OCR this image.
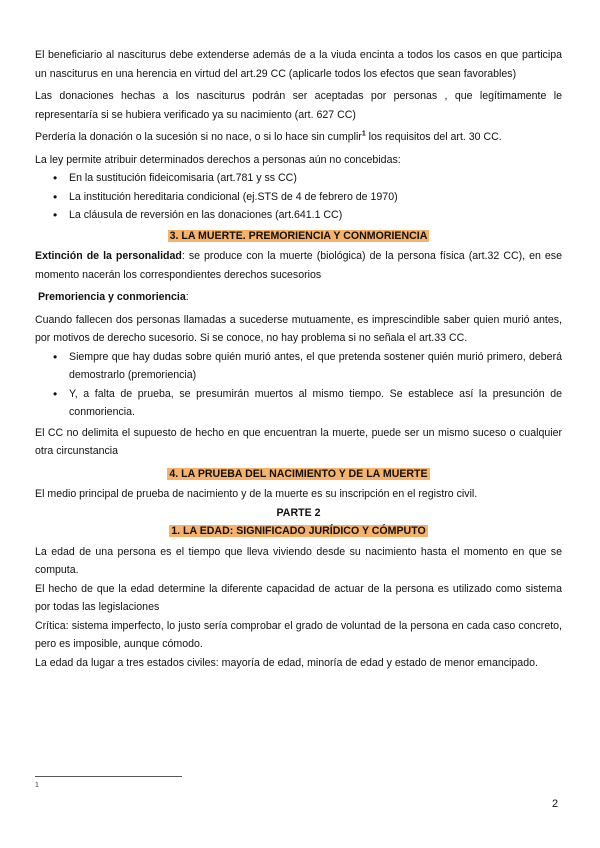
El beneficiario al nasciturus debe extenderse además de a la viuda encinta a todos los casos en que participa un nasciturus en una herencia en virtud del art.29 CC (aplicarle todos los efectos que sean favorables)

Las donaciones hechas a los nasciturus podrán ser aceptadas por personas , que legítimamente le representaría si se hubiera verificado ya su nacimiento (art. 627 CC)

Perdería la donación o la sucesión si no nace, o si lo hace sin cumplir$^1$ los requisitos del art. 30 CC.

La ley permite atribuir determinados derechos a personas aún no concebidas:

• En la sustitución fideicomisaria (art.781 y ss CC)
• La institución hereditaria condicional (ej.STS de 4 de febrero de 1970)
• La cláusula de reversión en las donaciones (art.641.1 CC)
3. LA MUERTE. PREMORIENCIA Y CONMORIENCIA

Extinción de la personalidad: se produce con la muerte (biológica) de la persona física (art.32 CC), en ese momento nacerán los correspondientes derechos sucesorios

Premoriencia y conmoriencia:

Cuando fallecen dos personas llamadas a sucederse mutuamente, es imprescindible saber quien murió antes, por motivos de derecho sucesorio. Si se conoce, no hay problema si no señala el art.33 CC.

• Siempre que hay dudas sobre quién murió antes, el que pretenda sostener quién murió primero, deberá demostrarlo (premoriencia)
• Y, a falta de prueba, se presumirán muertos al mismo tiempo. Se establece así la presunción de conmoriencia.

El CC no delimita el supuesto de hecho en que encuentran la muerte, puede ser un mismo suceso o cualquier otra circunstancia

4. LA PRUEBA DEL NACIMIENTO Y DE LA MUERTE

El medio principal de prueba de nacimiento y de la muerte es su inscripción en el registro civil.

PARTE 2

1. LA EDAD: SIGNIFICADO JURÍDICO Y CÓMPUTO

La edad de una persona es el tiempo que lleva viviendo desde su nacimiento hasta el momento en que se computa.

El hecho de que la edad determine la diferente capacidad de actuar de la persona es utilizado como sistema por todas las legislaciones

Crítica: sistema imperfecto, lo justo sería comprobar el grado de voluntad de la persona en cada caso concreto, pero es imposible, aunque cómodo.

La edad da lugar a tres estados civiles: mayoría de edad, minoría de edad y estado de menor emancipado.

1
2
